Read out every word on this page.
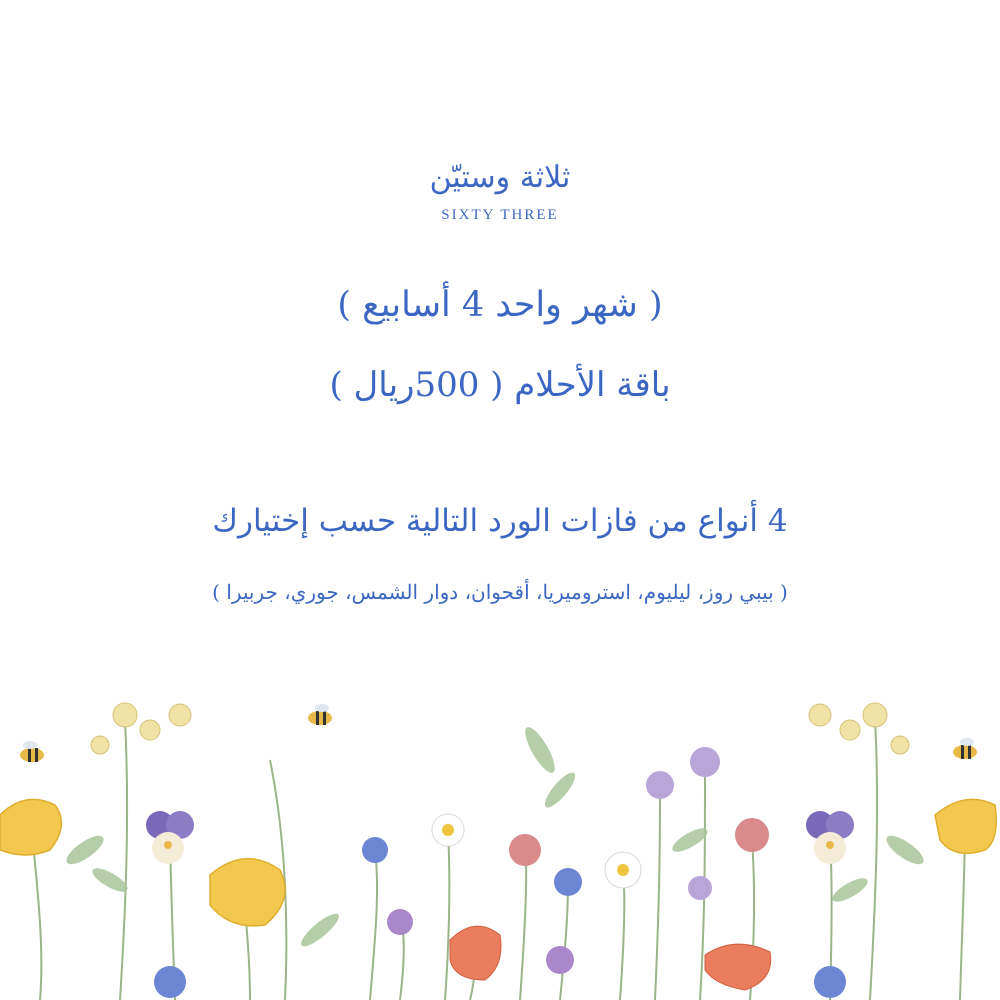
ثلاثة وستيّن
SIXTY THREE
( شهر واحد 4 أسابيع )
باقة الأحلام ( 500ريال )
4 أنواع من فازات الورد التالية حسب إختيارك
( بيبي روز، ليليوم، استروميريا، أقحوان، دوار الشمس، جوري، جربيرا )
